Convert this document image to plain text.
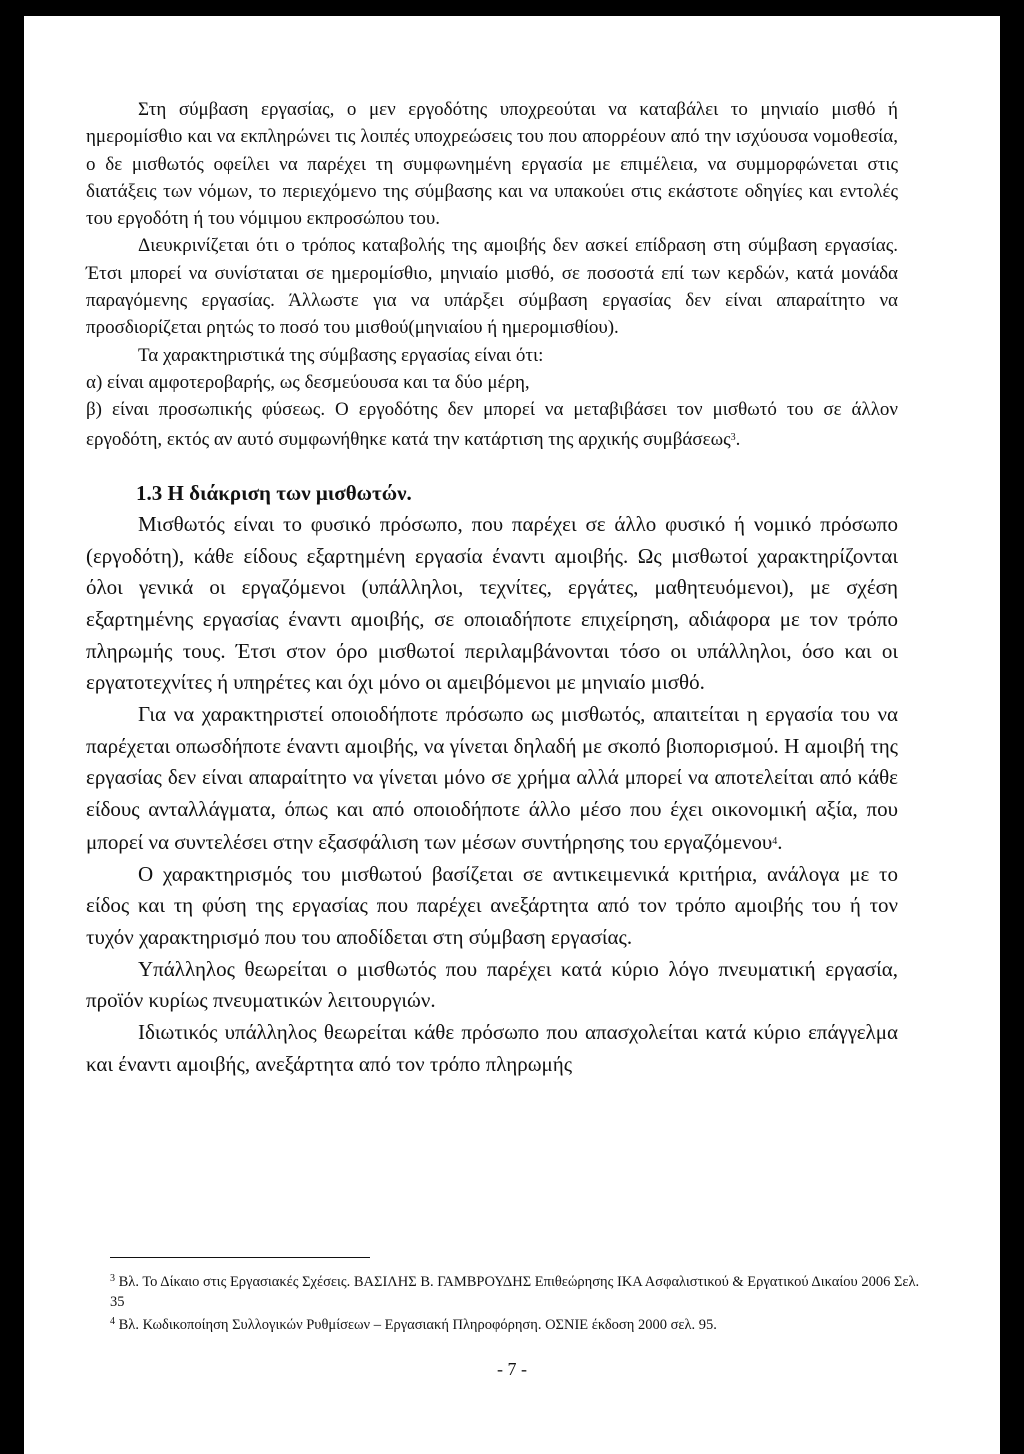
Στη σύμβαση εργασίας, ο μεν εργοδότης υποχρεούται να καταβάλει το μηνιαίο μισθό ή ημερομίσθιο και να εκπληρώνει τις λοιπές υποχρεώσεις του που απορρέουν από την ισχύουσα νομοθεσία, ο δε μισθωτός οφείλει να παρέχει τη συμφωνημένη εργασία με επιμέλεια, να συμμορφώνεται στις διατάξεις των νόμων, το περιεχόμενο της σύμβασης και να υπακούει στις εκάστοτε οδηγίες και εντολές του εργοδότη ή του νόμιμου εκπροσώπου του.

Διευκρινίζεται ότι ο τρόπος καταβολής της αμοιβής δεν ασκεί επίδραση στη σύμβαση εργασίας. Έτσι μπορεί να συνίσταται σε ημερομίσθιο, μηνιαίο μισθό, σε ποσοστά επί των κερδών, κατά μονάδα παραγόμενης εργασίας. Άλλωστε για να υπάρξει σύμβαση εργασίας δεν είναι απαραίτητο να προσδιορίζεται ρητώς το ποσό του μισθού(μηνιαίου ή ημερομισθίου).

Τα χαρακτηριστικά της σύμβασης εργασίας είναι ότι:

α) είναι αμφοτεροβαρής, ως δεσμεύουσα και τα δύο μέρη,

β) είναι προσωπικής φύσεως. Ο εργοδότης δεν μπορεί να μεταβιβάσει τον μισθωτό του σε άλλον εργοδότη, εκτός αν αυτό συμφωνήθηκε κατά την κατάρτιση της αρχικής συμβάσεως$^3$.

1.3 Η διάκριση των μισθωτών.

Μισθωτός είναι το φυσικό πρόσωπο, που παρέχει σε άλλο φυσικό ή νομικό πρόσωπο (εργοδότη), κάθε είδους εξαρτημένη εργασία έναντι αμοιβής. Ως μισθωτοί χαρακτηρίζονται όλοι γενικά οι εργαζόμενοι (υπάλληλοι, τεχνίτες, εργάτες, μαθητευόμενοι), με σχέση εξαρτημένης εργασίας έναντι αμοιβής, σε οποιαδήποτε επιχείρηση, αδιάφορα με τον τρόπο πληρωμής τους. Έτσι στον όρο μισθωτοί περιλαμβάνονται τόσο οι υπάλληλοι, όσο και οι εργατοτεχνίτες ή υπηρέτες και όχι μόνο οι αμειβόμενοι με μηνιαίο μισθό.

Για να χαρακτηριστεί οποιοδήποτε πρόσωπο ως μισθωτός, απαιτείται η εργασία του να παρέχεται οπωσδήποτε έναντι αμοιβής, να γίνεται δηλαδή με σκοπό βιοπορισμού. Η αμοιβή της εργασίας δεν είναι απαραίτητο να γίνεται μόνο σε χρήμα αλλά μπορεί να αποτελείται από κάθε είδους ανταλλάγματα, όπως και από οποιοδήποτε άλλο μέσο που έχει οικονομική αξία, που μπορεί να συντελέσει στην εξασφάλιση των μέσων συντήρησης του εργαζόμενου$^4$.

Ο χαρακτηρισμός του μισθωτού βασίζεται σε αντικειμενικά κριτήρια, ανάλογα με το είδος και τη φύση της εργασίας που παρέχει ανεξάρτητα από τον τρόπο αμοιβής του ή τον τυχόν χαρακτηρισμό που του αποδίδεται στη σύμβαση εργασίας.

Υπάλληλος θεωρείται ο μισθωτός που παρέχει κατά κύριο λόγο πνευματική εργασία, προϊόν κυρίως πνευματικών λειτουργιών.

Ιδιωτικός υπάλληλος θεωρείται κάθε πρόσωπο που απασχολείται κατά κύριο επάγγελμα και έναντι αμοιβής, ανεξάρτητα από τον τρόπο πληρωμής

$^3$ Βλ. Το Δίκαιο στις Εργασιακές Σχέσεις. ΒΑΣΙΛΗΣ Β. ΓΑΜΒΡΟΥΔΗΣ Επιθεώρησης ΙΚΑ Ασφαλιστικού & Εργατικού Δικαίου 2006 Σελ. 35

$^4$ Βλ. Κωδικοποίηση Συλλογικών Ρυθμίσεων – Εργασιακή Πληροφόρηση. ΟΣΝΙΕ έκδοση 2000 σελ. 95.

- 7 -
